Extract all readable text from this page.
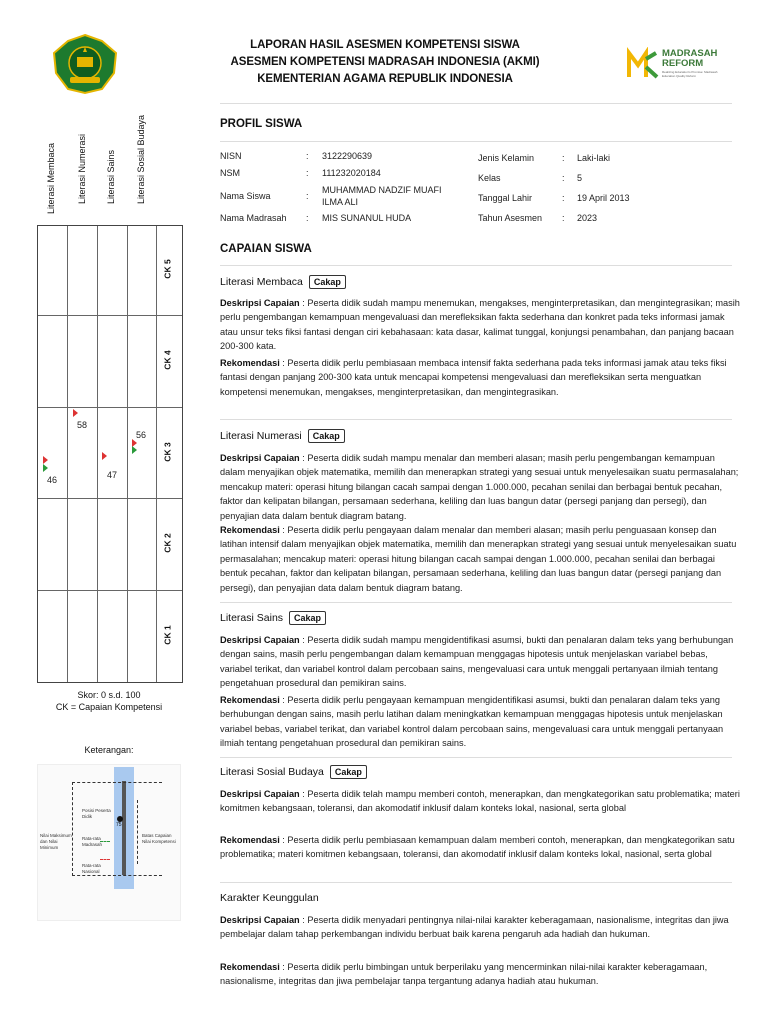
LAPORAN HASIL ASESMEN KOMPETENSI SISWA
ASESMEN KOMPETENSI MADRASAH INDONESIA (AKMI)
KEMENTERIAN AGAMA REPUBLIK INDONESIA
MADRASAH
REFORM
Realizing Education's Promise: Madrasah Education Quality Reform
PROFIL SISWA
NISN	: 3122290639
NSM	: 111232020184
Nama Siswa	:
MUHAMMAD NADZIF MUAFI ILMA ALI
Nama Madrasah : MIS SUNANUL HUDA
Jenis Kelamin	: Laki-laki
Kelas	: 5
Tanggal Lahir	: 19 April 2013
Tahun Asesmen : 2023
CAPAIAN SISWA
Literasi Membaca Cakap
Deskripsi Capaian : Peserta didik sudah mampu menemukan, mengakses, menginterpretasikan, dan mengintegrasikan; masih perlu pengembangan kemampuan mengevaluasi dan merefleksikan fakta sederhana dan konkret pada teks informasi jamak atau unsur teks fiksi fantasi dengan ciri kebahasaan: kata dasar, kalimat tunggal, konjungsi penambahan, dan panjang bacaan 200-300 kata.
Rekomendasi : Peserta didik perlu pembiasaan membaca intensif fakta sederhana pada teks informasi jamak atau teks fiksi fantasi dengan panjang 200-300 kata untuk mencapai kompetensi mengevaluasi dan merefleksikan serta menguatkan kompetensi menemukan, mengakses, menginterpretasikan, dan mengintegrasikan.
Literasi Numerasi Cakap
Deskripsi Capaian : Peserta didik sudah mampu menalar dan memberi alasan; masih perlu pengembangan kemampuan dalam menyajikan objek matematika, memilih dan menerapkan strategi yang sesuai untuk menyelesaikan suatu permasalahan; mencakup materi: operasi hitung bilangan cacah sampai dengan 1.000.000, pecahan senilai dan berbagai bentuk pecahan, faktor dan kelipatan bilangan, persamaan sederhana, keliling dan luas bangun datar (persegi panjang dan persegi), dan penyajian data dalam bentuk diagram batang.
Rekomendasi : Peserta didik perlu pengayaan dalam menalar dan memberi alasan; masih perlu penguasaan konsep dan latihan intensif dalam menyajikan objek matematika, memilih dan menerapkan strategi yang sesuai untuk menyelesaikan suatu permasalahan; mencakup materi: operasi hitung bilangan cacah sampai dengan 1.000.000, pecahan senilai dan berbagai bentuk pecahan, faktor dan kelipatan bilangan, persamaan sederhana, keliling dan luas bangun datar (persegi panjang dan persegi), dan penyajian data dalam bentuk diagram batang.
Literasi Sains Cakap
Deskripsi Capaian : Peserta didik sudah mampu mengidentifikasi asumsi, bukti dan penalaran dalam teks yang berhubungan dengan sains, masih perlu pengembangan dalam kemampuan menggagas hipotesis untuk menjelaskan variabel bebas, variabel terikat, dan variabel kontrol dalam percobaan sains, mengevaluasi cara untuk menggali pertanyaan ilmiah tentang pengetahuan prosedural dan pemikiran sains.
Rekomendasi : Peserta didik perlu pengayaan kemampuan mengidentifikasi asumsi, bukti dan penalaran dalam teks yang berhubungan dengan sains, masih perlu latihan dalam meningkatkan kemampuan menggagas hipotesis untuk menjelaskan variabel bebas, variabel terikat, dan variabel kontrol dalam percobaan sains, mengevaluasi cara untuk menggali pertanyaan ilmiah tentang pengetahuan prosedural dan pemikiran sains.
Literasi Sosial Budaya Cakap
Deskripsi Capaian : Peserta didik telah mampu memberi contoh, menerapkan, dan mengkategorikan satu problematika; materi komitmen kebangsaan, toleransi, dan akomodatif inklusif dalam konteks lokal, nasional, serta global
Rekomendasi : Peserta didik perlu pembiasaan kemampuan dalam memberi contoh, menerapkan, dan mengkategorikan satu problematika; materi komitmen kebangsaan, toleransi, dan akomodatif inklusif dalam konteks lokal, nasional, serta global
Karakter Keunggulan
Deskripsi Capaian : Peserta didik menyadari pentingnya nilai-nilai karakter keberagamaan, nasionalisme, integritas dan jiwa pembelajar dalam tahap perkembangan individu berbuat baik karena pengaruh ada hadiah dan hukuman.
Rekomendasi : Peserta didik perlu bimbingan untuk berperilaku yang mencerminkan nilai-nilai karakter keberagamaan, nasionalisme, integritas dan jiwa pembelajar tanpa tergantung adanya hadiah atau hukuman.
Literasi Membaca Literasi Numerasi Literasi Sains Literasi Sosial Budaya
CK 5
CK 4
CK 3
CK 2
CK 1
46
58
47
56
Skor: 0 s.d. 100
CK = Capaian Kompetensi
Keterangan:
75
Posisi Peserta Didik
Rata-rata Madrasah
Rata-rata Nasional
Nilai Maksimum dan Nilai Minimum
Batas Capaian Nilai Kompetensi
